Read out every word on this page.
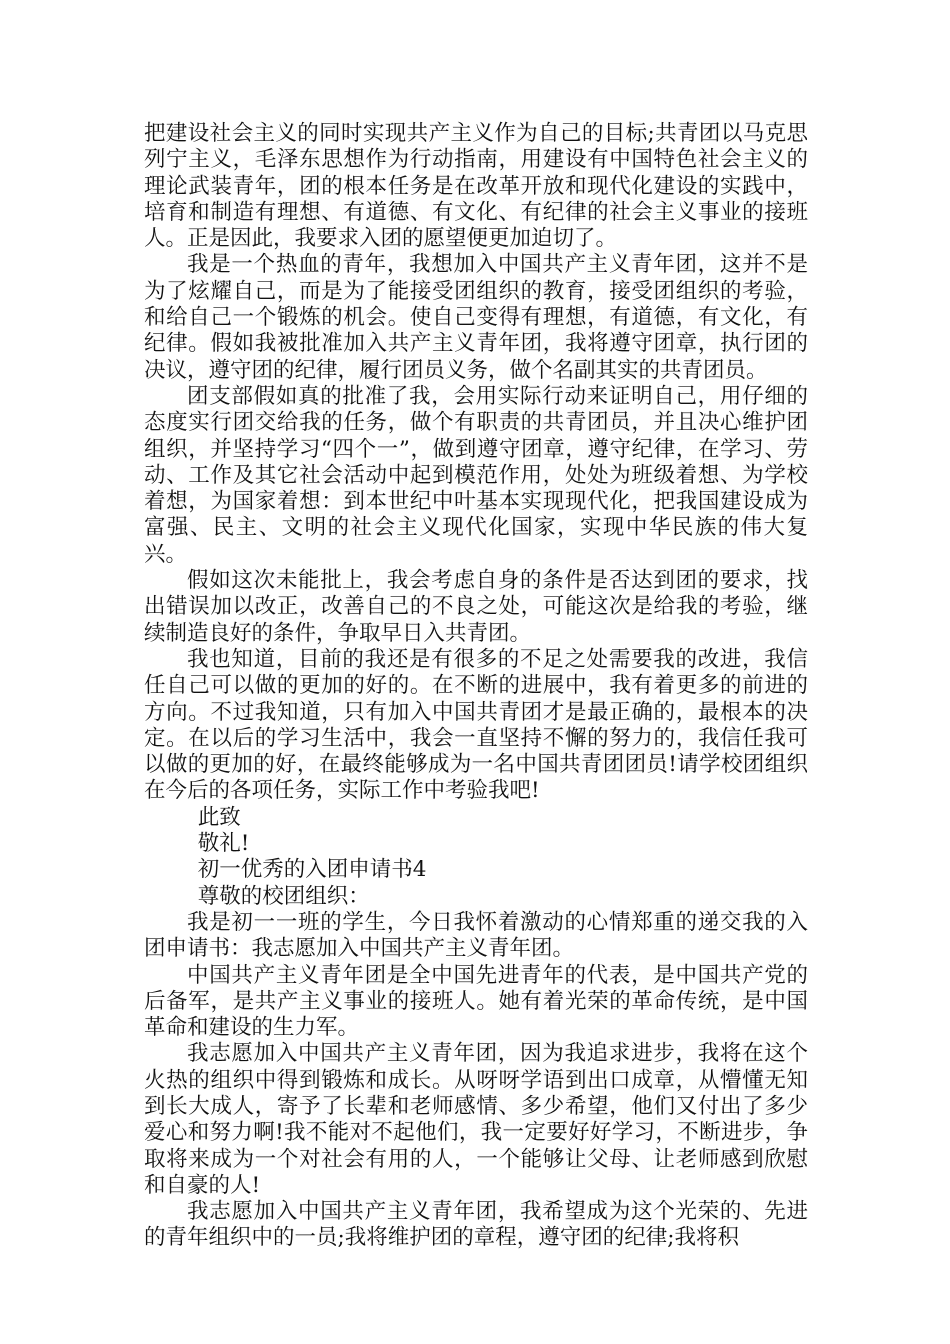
把建设社会主义的同时实现共产主义作为自己的目标;共青团以马克思列宁主义，毛泽东思想作为行动指南，用建设有中国特色社会主义的理论武装青年，团的根本任务是在改革开放和现代化建设的实践中，培育和制造有理想、有道德、有文化、有纪律的社会主义事业的接班人。正是因此，我要求入团的愿望便更加迫切了。

我是一个热血的青年，我想加入中国共产主义青年团，这并不是为了炫耀自己，而是为了能接受团组织的教育，接受团组织的考验，和给自己一个锻炼的机会。使自己变得有理想，有道德，有文化，有纪律。假如我被批准加入共产主义青年团，我将遵守团章，执行团的决议，遵守团的纪律，履行团员义务，做个名副其实的共青团员。

团支部假如真的批准了我，会用实际行动来证明自己，用仔细的态度实行团交给我的任务，做个有职责的共青团员，并且决心维护团组织，并坚持学习“四个一”，做到遵守团章，遵守纪律，在学习、劳动、工作及其它社会活动中起到模范作用，处处为班级着想、为学校着想，为国家着想：到本世纪中叶基本实现现代化，把我国建设成为富强、民主、文明的社会主义现代化国家，实现中华民族的伟大复兴。

假如这次未能批上，我会考虑自身的条件是否达到团的要求，找出错误加以改正，改善自己的不良之处，可能这次是给我的考验，继续制造良好的条件，争取早日入共青团。

我也知道，目前的我还是有很多的不足之处需要我的改进，我信任自己可以做的更加的好的。在不断的进展中，我有着更多的前进的方向。不过我知道，只有加入中国共青团才是最正确的，最根本的决定。在以后的学习生活中，我会一直坚持不懈的努力的，我信任我可以做的更加的好，在最终能够成为一名中国共青团团员!请学校团组织在今后的各项任务，实际工作中考验我吧!

此致

敬礼!

初一优秀的入团申请书4

尊敬的校团组织：

我是初一一班的学生，今日我怀着激动的心情郑重的递交我的入团申请书：我志愿加入中国共产主义青年团。

中国共产主义青年团是全中国先进青年的代表，是中国共产党的后备军，是共产主义事业的接班人。她有着光荣的革命传统，是中国革命和建设的生力军。

我志愿加入中国共产主义青年团，因为我追求进步，我将在这个火热的组织中得到锻炼和成长。从呀呀学语到出口成章，从懵懂无知到长大成人，寄予了长辈和老师感情、多少希望，他们又付出了多少爱心和努力啊!我不能对不起他们，我一定要好好学习，不断进步，争取将来成为一个对社会有用的人，一个能够让父母、让老师感到欣慰和自豪的人!

我志愿加入中国共产主义青年团，我希望成为这个光荣的、先进的青年组织中的一员;我将维护团的章程，遵守团的纪律;我将积
